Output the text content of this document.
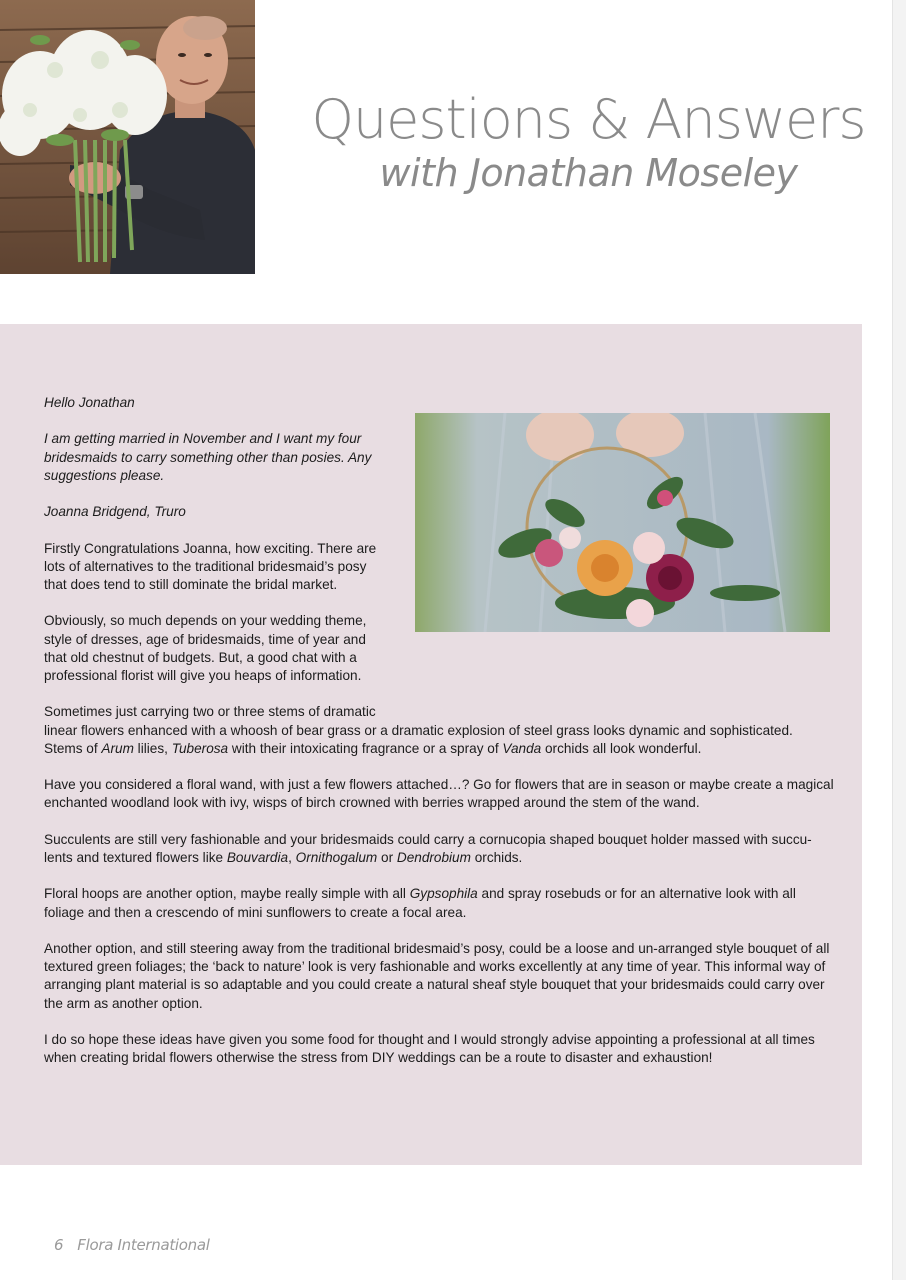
Questions & Answers
with Jonathan Moseley

Hello Jonathan

I am getting married in November and I want my four bridesmaids to carry something other than posies. Any suggestions please.

Joanna Bridgend, Truro

Firstly Congratulations Joanna, how exciting. There are lots of alternatives to the traditional bridesmaid’s posy that does tend to still dominate the bridal market.

Obviously, so much depends on your wedding theme, style of dresses, age of bridesmaids, time of year and that old chestnut of budgets. But, a good chat with a professional florist will give you heaps of information.

Sometimes just carrying two or three stems of dramatic
linear flowers enhanced with a whoosh of bear grass or a dramatic explosion of steel grass looks dynamic and sophisticated. Stems of Arum lilies, Tuberosa with their intoxicating fragrance or a spray of Vanda orchids all look wonderful.

Have you considered a floral wand, with just a few flowers attached…? Go for flowers that are in season or maybe create a magical enchanted woodland look with ivy, wisps of birch crowned with berries wrapped around the stem of the wand.

Succulents are still very fashionable and your bridesmaids could carry a cornucopia shaped bouquet holder massed with succu-lents and textured flowers like Bouvardia, Ornithogalum or Dendrobium orchids.

Floral hoops are another option, maybe really simple with all Gypsophila and spray rosebuds or for an alternative look with all foliage and then a crescendo of mini sunflowers to create a focal area.

Another option, and still steering away from the traditional bridesmaid’s posy, could be a loose and un-arranged style bouquet of all textured green foliages; the ‘back to nature’ look is very fashionable and works excellently at any time of year. This informal way of arranging plant material is so adaptable and you could create a natural sheaf style bouquet that your bridesmaids could carry over the arm as another option.

I do so hope these ideas have given you some food for thought and I would strongly advise appointing a professional at all times when creating bridal flowers otherwise the stress from DIY weddings can be a route to disaster and exhaustion!

6 Flora International
